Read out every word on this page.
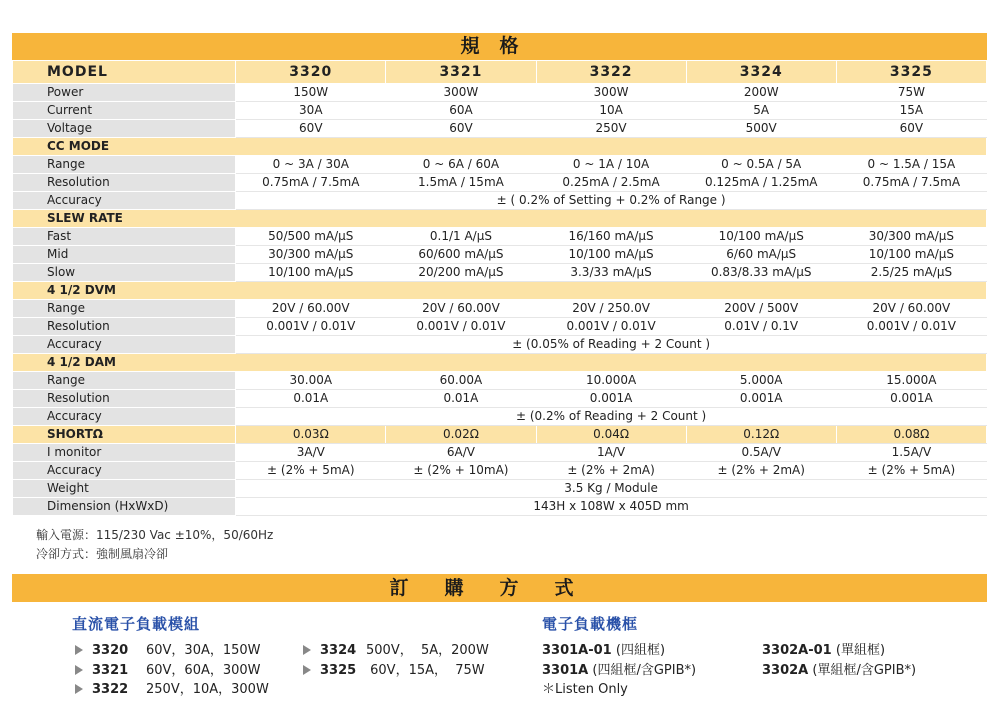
規格
MODEL	3320	3321	3322	3324	3325
Power	150W	300W	300W	200W	75W
Current	30A	60A	10A	5A	15A
Voltage	60V	60V	250V	500V	60V
CC MODE					
Range	0 ~ 3A / 30A	0 ~ 6A / 60A	0 ~ 1A / 10A	0 ~ 0.5A / 5A	0 ~ 1.5A / 15A
Resolution	0.75mA / 7.5mA	1.5mA / 15mA	0.25mA / 2.5mA	0.125mA / 1.25mA	0.75mA / 7.5mA
Accuracy	± ( 0.2% of Setting + 0.2% of Range )				
SLEW RATE					
Fast	50/500 mA/µS	0.1/1 A/µS	16/160 mA/µS	10/100 mA/µS	30/300 mA/µS
Mid	30/300 mA/µS	60/600 mA/µS	10/100 mA/µS	6/60 mA/µS	10/100 mA/µS
Slow	10/100 mA/µS	20/200 mA/µS	3.3/33 mA/µS	0.83/8.33 mA/µS	2.5/25 mA/µS
4 1/2 DVM					
Range	20V / 60.00V	20V / 60.00V	20V / 250.0V	200V / 500V	20V / 60.00V
Resolution	0.001V / 0.01V	0.001V / 0.01V	0.001V / 0.01V	0.01V / 0.1V	0.001V / 0.01V
Accuracy	± (0.05% of Reading + 2 Count )				
4 1/2 DAM					
Range	30.00A	60.00A	10.000A	5.000A	15.000A
Resolution	0.01A	0.01A	0.001A	0.001A	0.001A
Accuracy	± (0.2% of Reading + 2 Count )				
SHORTΩ	0.03Ω	0.02Ω	0.04Ω	0.12Ω	0.08Ω
I monitor	3A/V	6A/V	1A/V	0.5A/V	1.5A/V
Accuracy	± (2% + 5mA)	± (2% + 10mA)	± (2% + 2mA)	± (2% + 2mA)	± (2% + 5mA)
Weight	3.5 Kg / Module				
Dimension (HxWxD)	143H x 108W x 405D mm				
輸入電源：115/230 Vac ±10%，50/60Hz
冷卻方式：強制風扇冷卻
訂購方式
直流電子負載模組	電子負載機框
3320 60V，30A，150W
3321 60V，60A，300W
3322 250V，10A，300W
3324 500V，  5A，200W
3325 60V，15A，  75W
3301A-01 (四組框)
3301A (四組框/含GPIB*)
＊Listen Only
3302A-01 (單組框)
3302A (單組框/含GPIB*)
